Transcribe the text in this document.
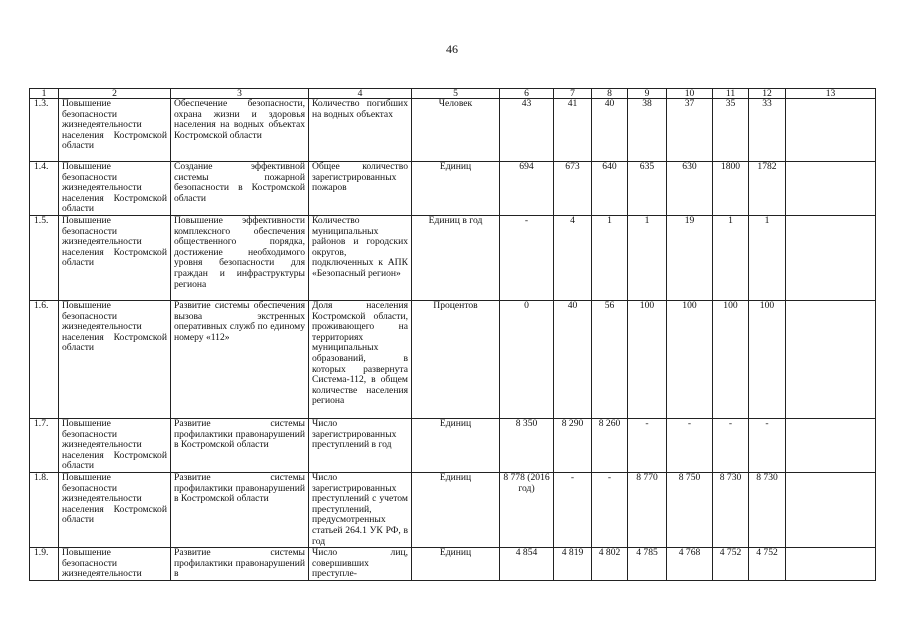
46
1	2	3	4	5	6	7	8	9	10	11	12	13
1.3.	Повышение безопасности жизнедеятельности населения Костромской области	Обеспечение безопасности, охрана жизни и здоровья населения на водных объектах Костромской области	Количество погибших на водных объектах	Человек	43	41	40	38	37	35	33	
1.4.	Повышение безопасности жизнедеятельности населения Костромской области	Создание эффективной системы пожарной безопасности в Костромской области	Общее количество зарегистрированных пожаров	Единиц	694	673	640	635	630	1800	1782	
1.5.	Повышение безопасности жизнедеятельности населения Костромской области	Повышение эффективности комплексного обеспечения общественного порядка, достижение необходимого уровня безопасности для граждан и инфраструктуры региона	Количество муниципальных районов и городских округов, подключенных к АПК «Безопасный регион»	Единиц в год	-	4	1	1	19	1	1	
1.6.	Повышение безопасности жизнедеятельности населения Костромской области	Развитие системы обеспечения вызова экстренных оперативных служб по единому номеру «112»	Доля населения Костромской области, проживающего на территориях муниципальных образований, в которых развернута Система-112, в общем количестве населения региона	Процентов	0	40	56	100	100	100	100	
1.7.	Повышение безопасности жизнедеятельности населения Костромской области	Развитие системы профилактики правонарушений в Костромской области	Число зарегистрированных преступлений в год	Единиц	8 350	8 290	8 260	-	-	-	-	
1.8.	Повышение безопасности жизнедеятельности населения Костромской области	Развитие системы профилактики правонарушений в Костромской области	Число зарегистрированных преступлений с учетом преступлений, предусмотренных статьей 264.1 УК РФ, в год	Единиц	8 778 (2016 год)	-	-	8 770	8 750	8 730	8 730	
1.9.	Повышение безопасности жизнедеятельности	Развитие системы профилактики правонарушений в	Число лиц, совершивших преступле-	Единиц	4 854	4 819	4 802	4 785	4 768	4 752	4 752	
